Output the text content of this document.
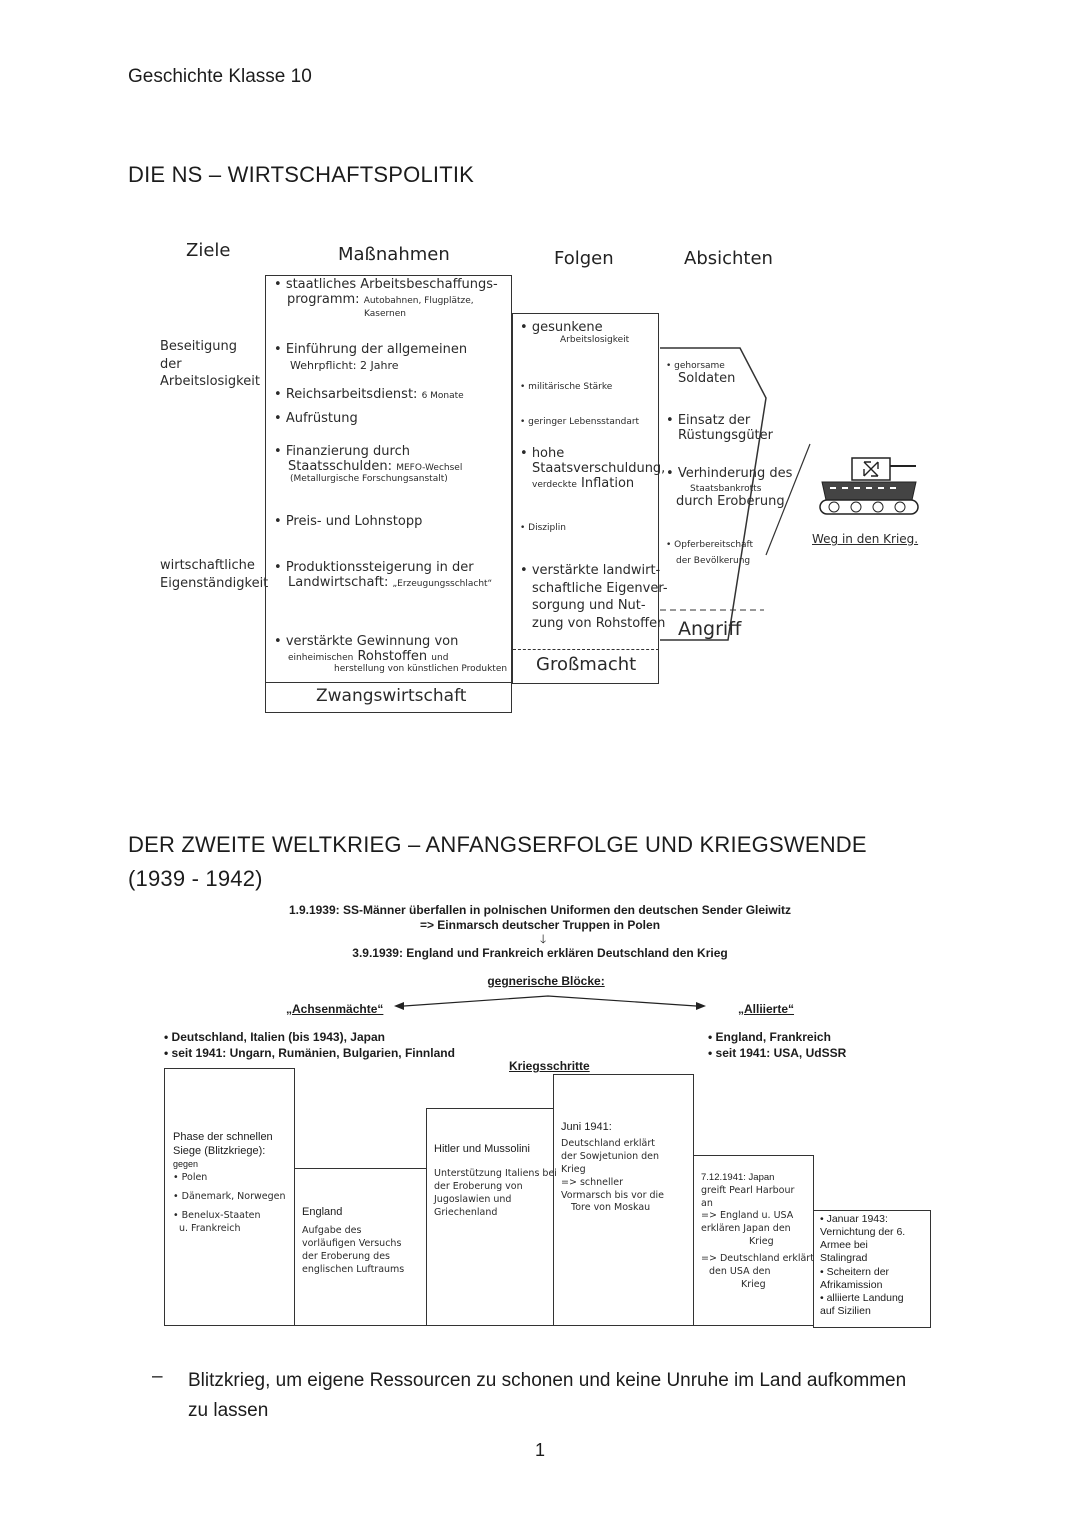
Geschichte Klasse 10
DIE NS – WIRTSCHAFTSPOLITIK
Ziele	Maßnahmen	Folgen	Absichten
Beseitigung der Arbeitslosigkeit
wirtschaftliche Eigenständigkeit
• staatliches Arbeitsbeschaffungs-
programm: Autobahnen, Flugplätze,
Kasernen
• Einführung der allgemeinen
Wehrpflicht: 2 Jahre
• Reichsarbeitsdienst: 6 Monate
• Aufrüstung
• Finanzierung durch
Staatsschulden: MEFO-Wechsel
(Metallurgische Forschungsanstalt)
• Preis- und Lohnstopp
• Produktionssteigerung in der
Landwirtschaft: „Erzeugungsschlacht“
• verstärkte Gewinnung von
einheimischen Rohstoffen und
herstellung von künstlichen Produkten
Zwangswirtschaft
• gesunkene
Arbeitslosigkeit
• militärische Stärke
• geringer Lebensstandart
• hohe
Staatsverschuldung,
verdeckte Inflation
• Disziplin
• verstärkte landwirt-
schaftliche Eigenver-
sorgung und Nut-
zung von Rohstoffen
Großmacht
• gehorsame
Soldaten
• Einsatz der
Rüstungsgüter
• Verhinderung des
Staatsbankrotts
durch Eroberung
• Opferbereitschaft
der Bevölkerung
Angriff
Weg in den Krieg.
DER ZWEITE WELTKRIEG – ANFANGSERFOLGE UND KRIEGSWENDE
(1939 - 1942)
1.9.1939: SS-Männer überfallen in polnischen Uniformen den deutschen Sender Gleiwitz
=> Einmarsch deutscher Truppen in Polen
🡓
3.9.1939: England und Frankreich erklären Deutschland den Krieg
gegnerische Blöcke:
„Achsenmächte“
• Deutschland, Italien (bis 1943), Japan
• seit 1941: Ungarn, Rumänien, Bulgarien, Finnland
„Alliierte“
• England, Frankreich
• seit 1941: USA, UdSSR
Kriegsschritte
Phase der schnellen
Siege (Blitzkriege):
gegen
• Polen
• Dänemark, Norwegen
• Benelux-Staaten
u. Frankreich
England
Aufgabe des
vorläufigen Versuchs
der Eroberung des
englischen Luftraums
Hitler und Mussolini
Unterstützung Italiens bei
der Eroberung von
Jugoslawien und
Griechenland
Juni 1941:
Deutschland erklärt
der Sowjetunion den
Krieg
=> schneller
Vormarsch bis vor die
Tore von Moskau
7.12.1941: Japan
greift Pearl Harbour
an
=> England u. USA
erklären Japan den
Krieg
=> Deutschland erklärt
den USA den
Krieg
• Januar 1943:
Vernichtung der 6.
Armee bei
Stalingrad
• Scheitern der
Afrikamission
• alliierte Landung
auf Sizilien
– Blitzkrieg, um eigene Ressourcen zu schonen und keine Unruhe im Land aufkommen
zu lassen
1
